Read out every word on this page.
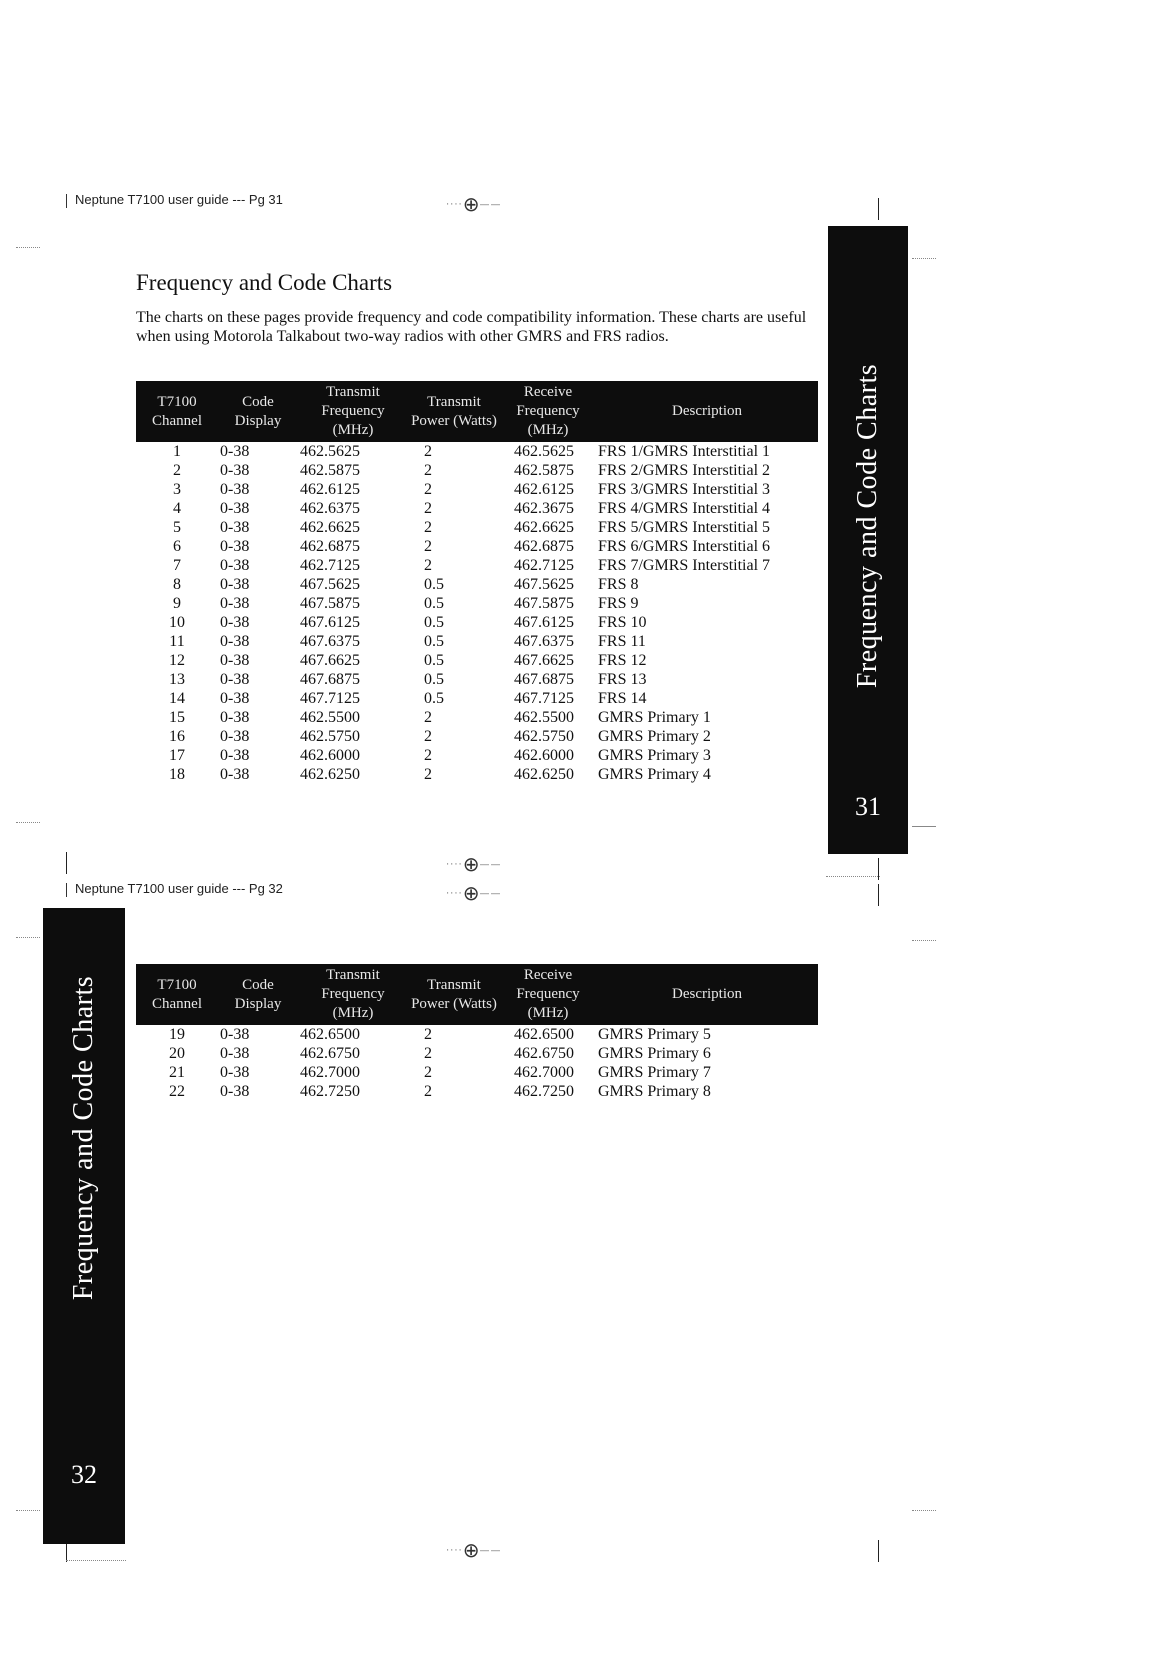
Neptune T7100 user guide --- Pg 31
Neptune T7100 user guide --- Pg 32
····⊕——
····⊕——
····⊕——
····⊕——
Frequency and Code Charts
31
Frequency and Code Charts
32
Frequency and Code Charts

The charts on these pages provide frequency and code compatibility information. These charts are useful when using Motorola Talkabout two-way radios with other GMRS and FRS radios.

T7100 Channel	Code Display	Transmit Frequency (MHz)	Transmit Power (Watts)	Receive Frequency (MHz)	Description
1	0-38	462.5625	2	462.5625	FRS 1/GMRS Interstitial 1
2	0-38	462.5875	2	462.5875	FRS 2/GMRS Interstitial 2
3	0-38	462.6125	2	462.6125	FRS 3/GMRS Interstitial 3
4	0-38	462.6375	2	462.3675	FRS 4/GMRS Interstitial 4
5	0-38	462.6625	2	462.6625	FRS 5/GMRS Interstitial 5
6	0-38	462.6875	2	462.6875	FRS 6/GMRS Interstitial 6
7	0-38	462.7125	2	462.7125	FRS 7/GMRS Interstitial 7
8	0-38	467.5625	0.5	467.5625	FRS 8
9	0-38	467.5875	0.5	467.5875	FRS 9
10	0-38	467.6125	0.5	467.6125	FRS 10
11	0-38	467.6375	0.5	467.6375	FRS 11
12	0-38	467.6625	0.5	467.6625	FRS 12
13	0-38	467.6875	0.5	467.6875	FRS 13
14	0-38	467.7125	0.5	467.7125	FRS 14
15	0-38	462.5500	2	462.5500	GMRS Primary 1
16	0-38	462.5750	2	462.5750	GMRS Primary 2
17	0-38	462.6000	2	462.6000	GMRS Primary 3
18	0-38	462.6250	2	462.6250	GMRS Primary 4
T7100 Channel	Code Display	Transmit Frequency (MHz)	Transmit Power (Watts)	Receive Frequency (MHz)	Description
19	0-38	462.6500	2	462.6500	GMRS Primary 5
20	0-38	462.6750	2	462.6750	GMRS Primary 6
21	0-38	462.7000	2	462.7000	GMRS Primary 7
22	0-38	462.7250	2	462.7250	GMRS Primary 8
